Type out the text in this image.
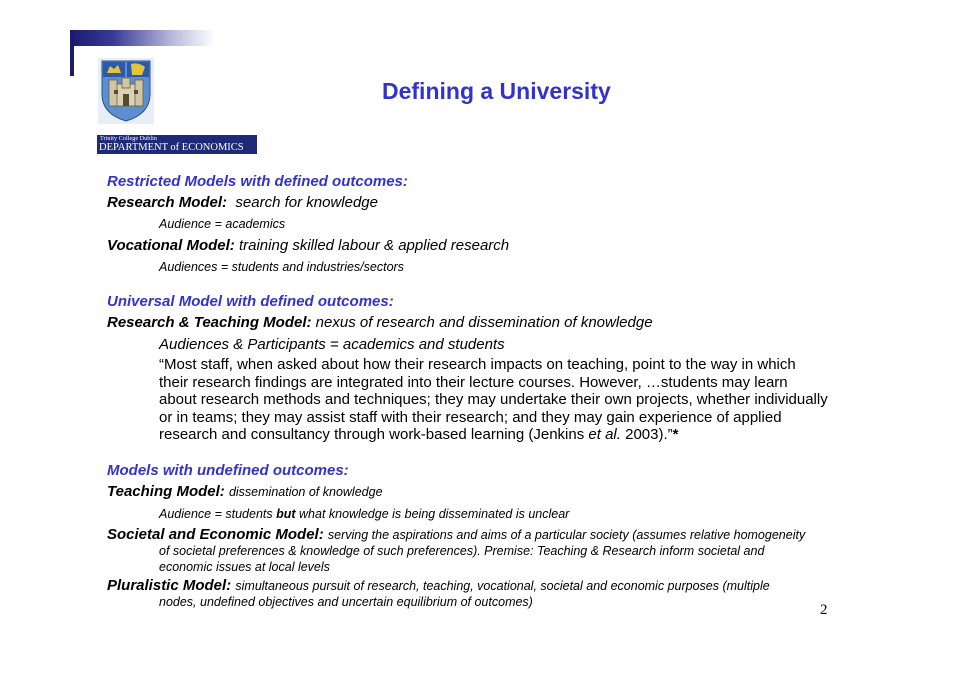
Trinity College Dublin
DEPARTMENT of ECONOMICS
Defining a University
Restricted Models with defined outcomes:
Research Model: search for knowledge
Audience = academics
Vocational Model: training skilled labour & applied research
Audiences = students and industries/sectors
Universal Model with defined outcomes:
Research & Teaching Model: nexus of research and dissemination of knowledge
Audiences & Participants = academics and students
“Most staff, when asked about how their research impacts on teaching, point to the way in which
their research findings are integrated into their lecture courses. However, …students may learn
about research methods and techniques; they may undertake their own projects, whether individually
or in teams; they may assist staff with their research; and they may gain experience of applied
research and consultancy through work-based learning (Jenkins et al. 2003).”*
Models with undefined outcomes:
Teaching Model: dissemination of knowledge
Audience = students but what knowledge is being disseminated is unclear
Societal and Economic Model: serving the aspirations and aims of a particular society (assumes relative homogeneity
of societal preferences & knowledge of such preferences). Premise: Teaching & Research inform societal and
economic issues at local levels
Pluralistic Model: simultaneous pursuit of research, teaching, vocational, societal and economic purposes (multiple
nodes, undefined objectives and uncertain equilibrium of outcomes)	2
